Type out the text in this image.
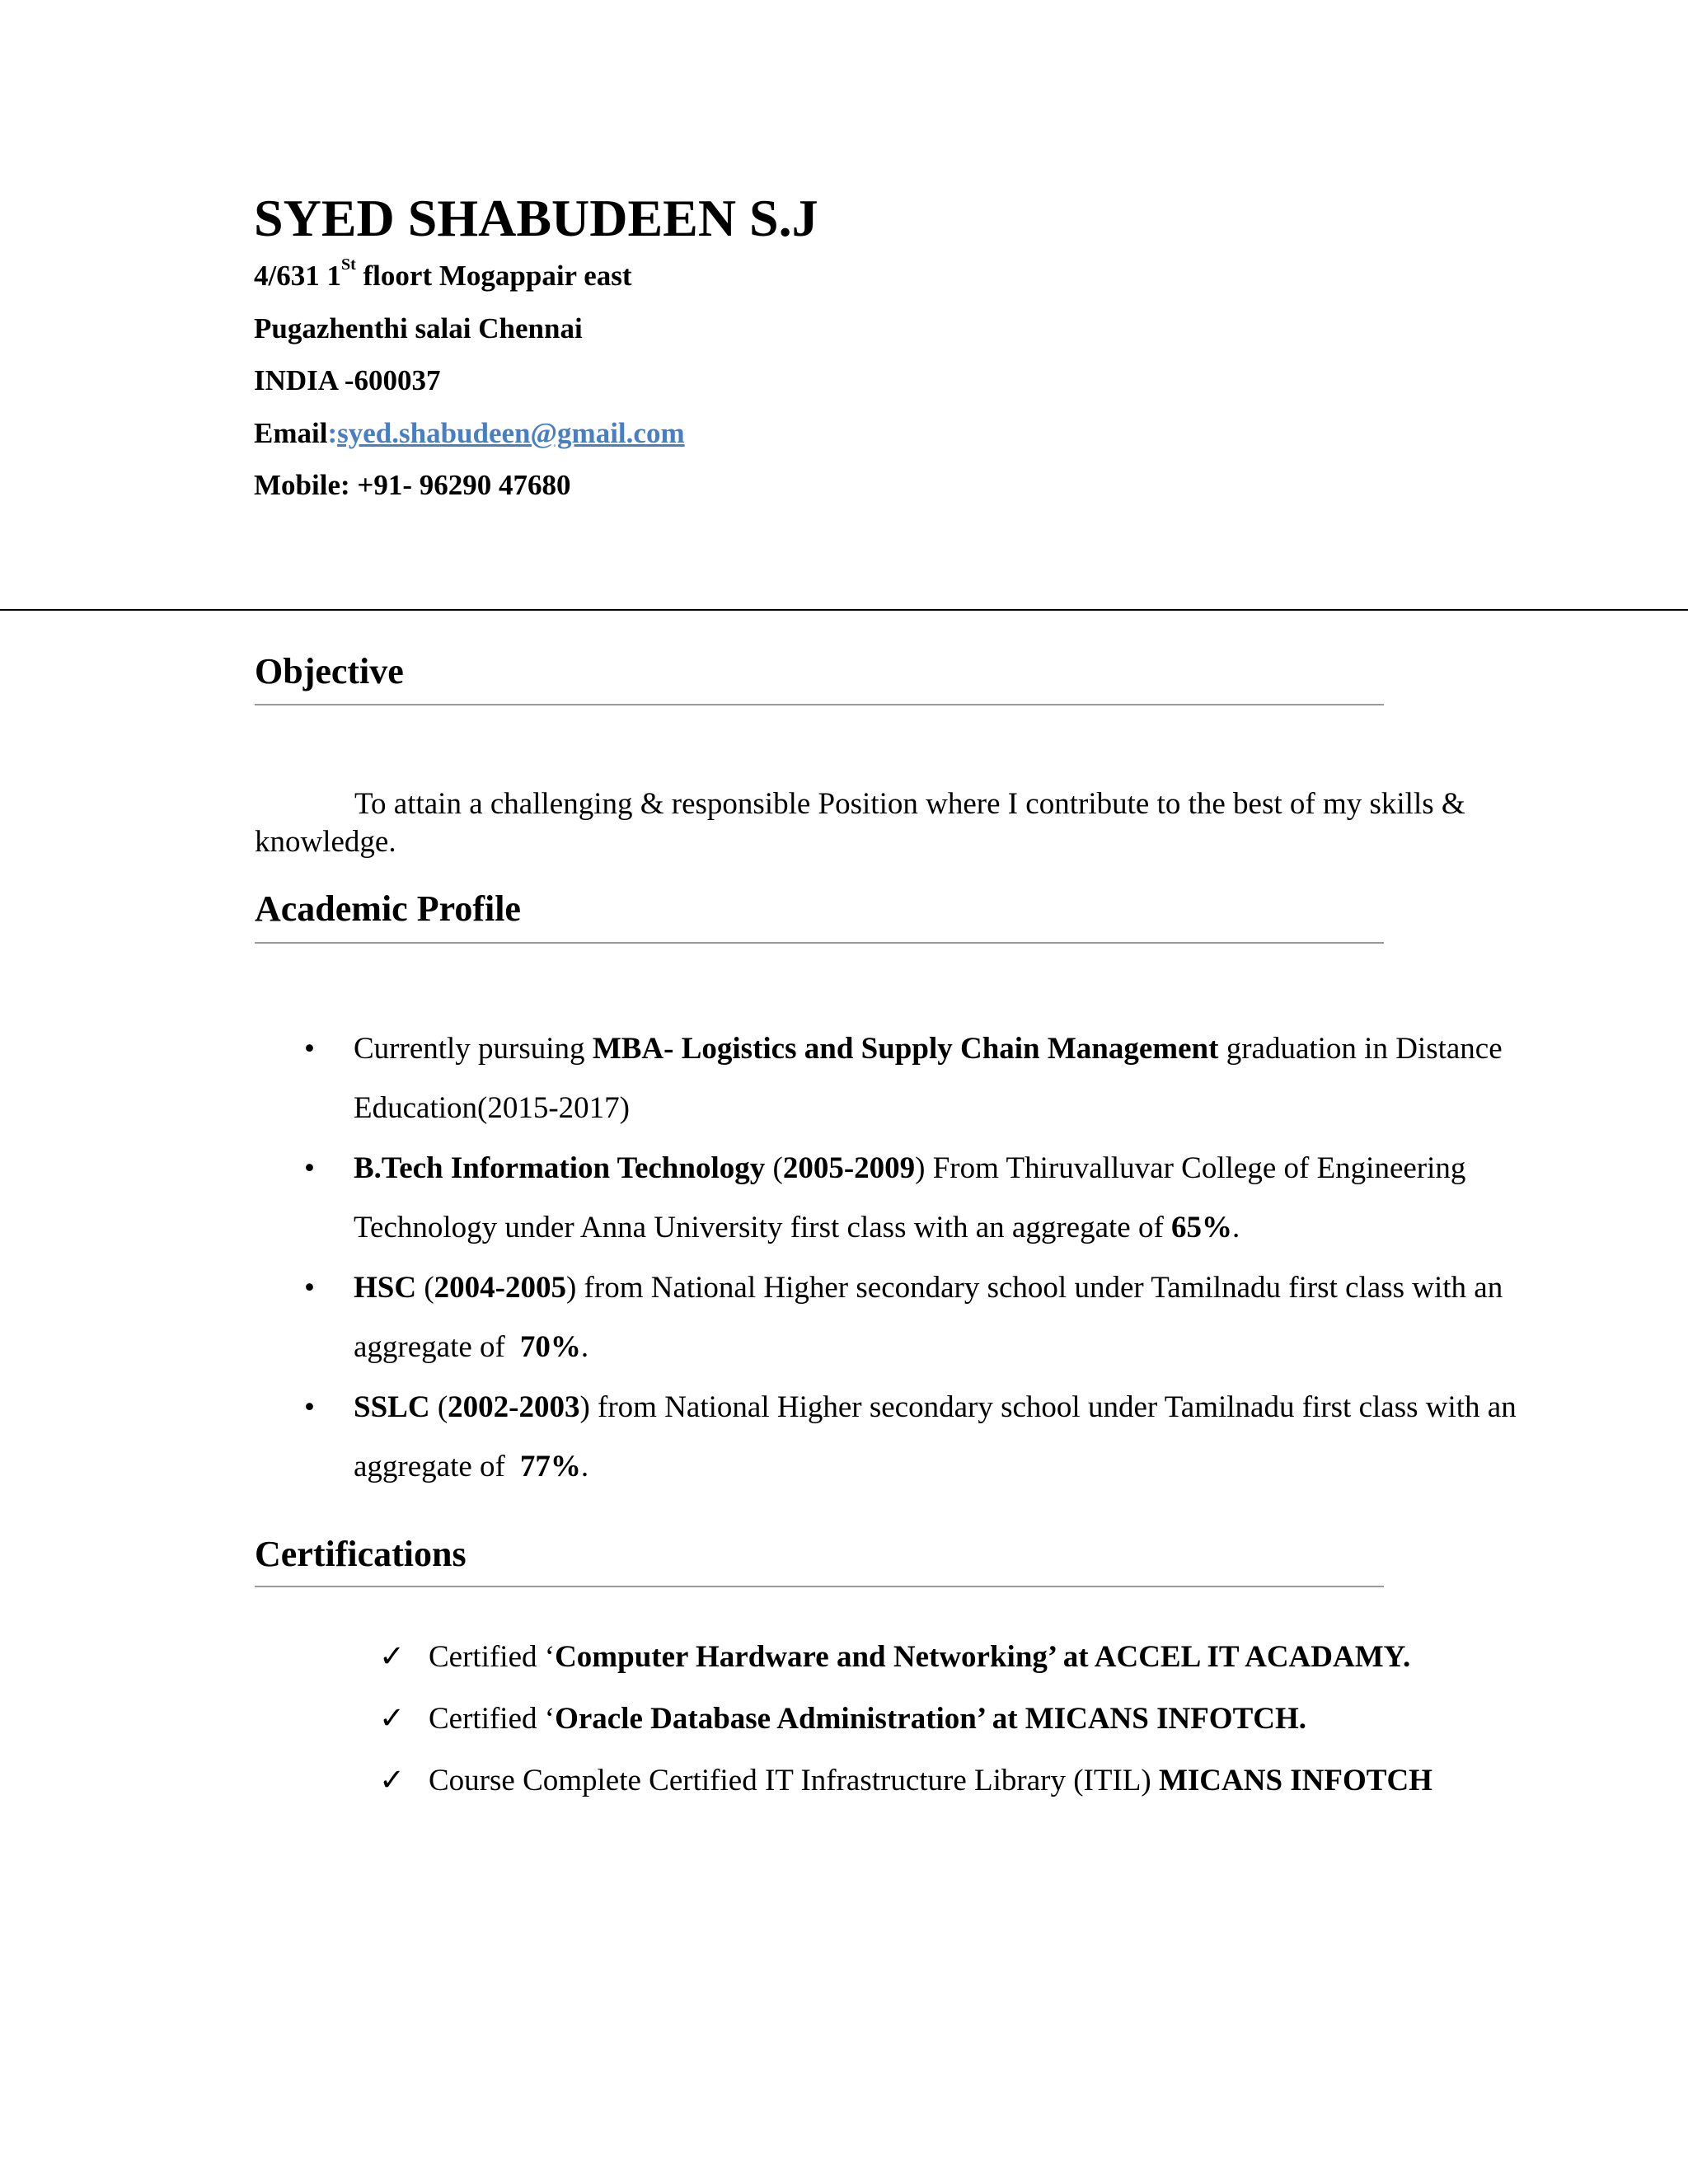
SYED SHABUDEEN S.J
4/631 1St floort Mogappair east
Pugazhenthi salai Chennai
INDIA -600037
Email:syed.shabudeen@gmail.com
Mobile: +91- 96290 47680
Objective
To attain a challenging & responsible Position where I contribute to the best of my skills & knowledge.
Academic Profile
• Currently pursuing MBA- Logistics and Supply Chain Management graduation in Distance Education(2015-2017)
• B.Tech Information Technology (2005-2009) From Thiruvalluvar College of Engineering Technology under Anna University first class with an aggregate of 65%.
• HSC (2004-2005) from National Higher secondary school under Tamilnadu first class with an aggregate of 70%.
• SSLC (2002-2003) from National Higher secondary school under Tamilnadu first class with an aggregate of 77%.
Certifications
✓ Certified ‘Computer Hardware and Networking’ at ACCEL IT ACADAMY.
✓ Certified ‘Oracle Database Administration’ at MICANS INFOTCH.
✓ Course Complete Certified IT Infrastructure Library (ITIL) MICANS INFOTCH
